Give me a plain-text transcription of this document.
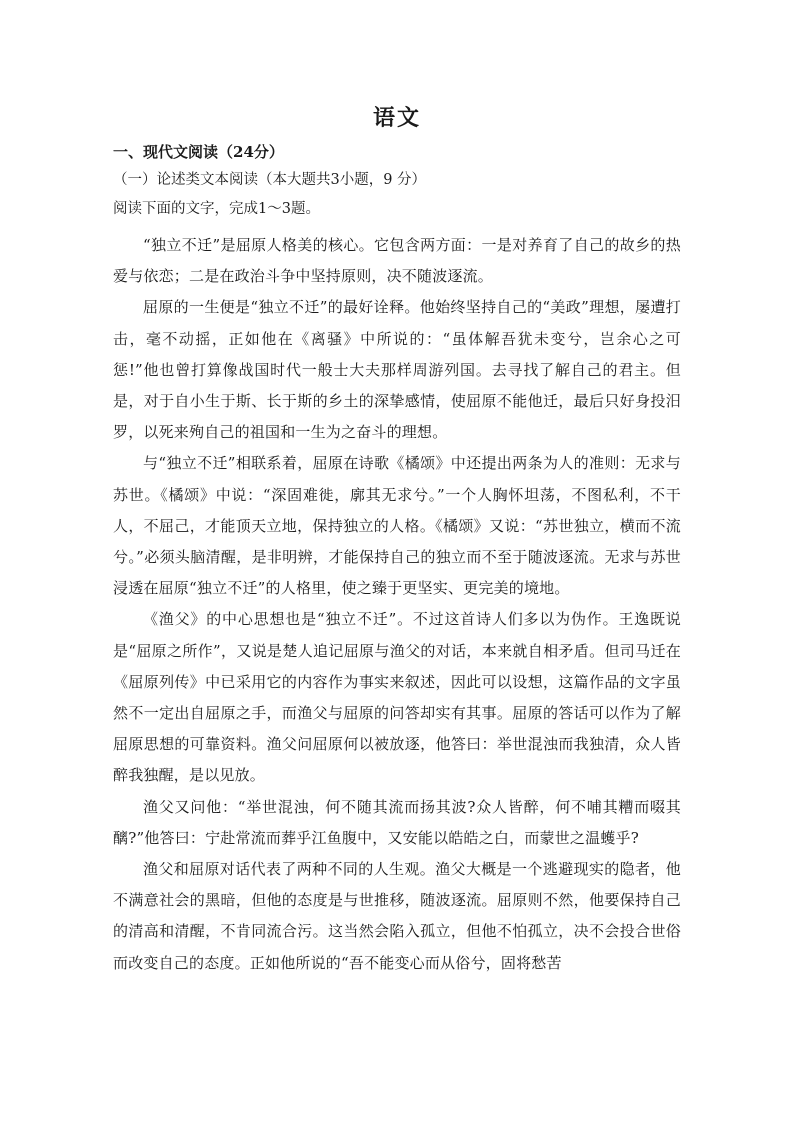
语文

一、现代文阅读（24分）

（一）论述类文本阅读（本大题共3小题，9 分）

阅读下面的文字，完成1～3题。

“独立不迁”是屈原人格美的核心。它包含两方面：一是对养育了自己的故乡的热爱与依恋；二是在政治斗争中坚持原则，决不随波逐流。

屈原的一生便是“独立不迁”的最好诠释。他始终坚持自己的“美政”理想，屡遭打击，毫不动摇，正如他在《离骚》中所说的：“虽体解吾犹未变兮，岂余心之可惩!”他也曾打算像战国时代一般士大夫那样周游列国。去寻找了解自己的君主。但是，对于自小生于斯、长于斯的乡土的深挚感情，使屈原不能他迁，最后只好身投汨罗，以死来殉自己的祖国和一生为之奋斗的理想。

与“独立不迁”相联系着，屈原在诗歌《橘颂》中还提出两条为人的准则：无求与苏世。《橘颂》中说：“深固难徙，廓其无求兮。”一个人胸怀坦荡，不图私利，不干人，不屈己，才能顶天立地，保持独立的人格。《橘颂》又说：“苏世独立，横而不流兮。”必须头脑清醒，是非明辨，才能保持自己的独立而不至于随波逐流。无求与苏世浸透在屈原“独立不迁”的人格里，使之臻于更坚实、更完美的境地。

《渔父》的中心思想也是“独立不迁”。不过这首诗人们多以为伪作。王逸既说是“屈原之所作”，又说是楚人追记屈原与渔父的对话，本来就自相矛盾。但司马迁在《屈原列传》中已采用它的内容作为事实来叙述，因此可以设想，这篇作品的文字虽然不一定出自屈原之手，而渔父与屈原的问答却实有其事。屈原的答话可以作为了解屈原思想的可靠资料。渔父问屈原何以被放逐，他答曰：举世混浊而我独清，众人皆醉我独醒，是以见放。

渔父又问他：“举世混浊，何不随其流而扬其波?众人皆醉，何不哺其糟而啜其醨?”他答曰：宁赴常流而葬乎江鱼腹中，又安能以皓皓之白，而蒙世之温蠖乎?

渔父和屈原对话代表了两种不同的人生观。渔父大概是一个逃避现实的隐者，他不满意社会的黑暗，但他的态度是与世推移，随波逐流。屈原则不然，他要保持自己的清高和清醒，不肯同流合污。这当然会陷入孤立，但他不怕孤立，决不会投合世俗而改变自己的态度。正如他所说的“吾不能变心而从俗兮，固将愁苦
